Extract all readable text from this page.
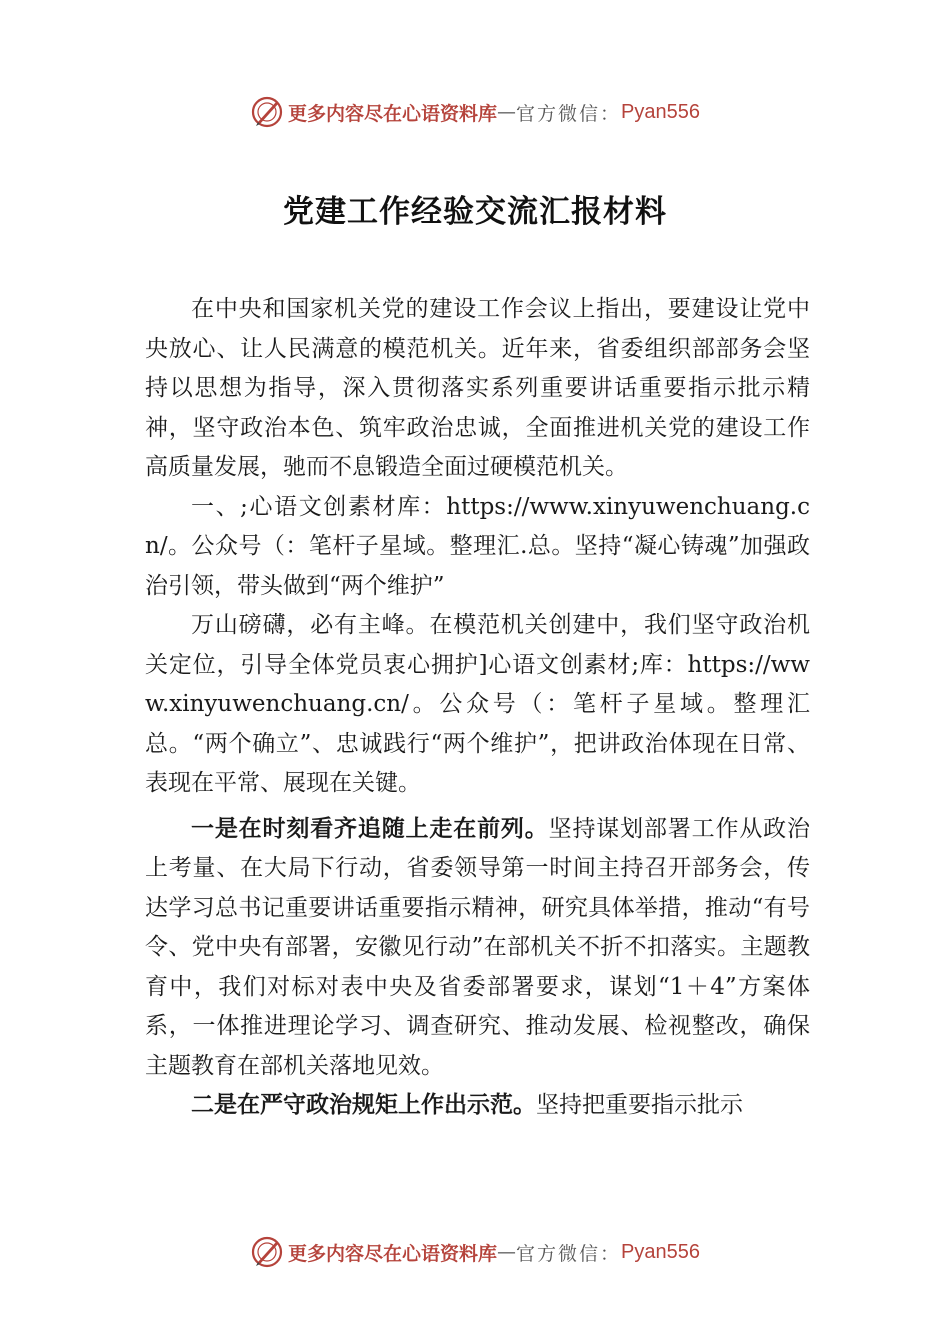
更多内容尽在心语资料库 — 官方微信： Pyan556
党建工作经验交流汇报材料

在中央和国家机关党的建设工作会议上指出，要建设让党中央放心、让人民满意的模范机关。近年来，省委组织部部务会坚持以思想为指导，深入贯彻落实系列重要讲话重要指示批示精神，坚守政治本色、筑牢政治忠诚，全面推进机关党的建设工作高质量发展，驰而不息锻造全面过硬模范机关。

一、;心语文创素材库：https://www.xinyuwenchuang.cn/。公众号（：笔杆子星域。整理汇.总。坚持“凝心铸魂”加强政治引领，带头做到“两个维护”

万山磅礴，必有主峰。在模范机关创建中，我们坚守政治机关定位，引导全体党员衷心拥护]心语文创素材;库：https://www.xinyuwenchuang.cn/。公众号（：笔杆子星域。整理汇总。“两个确立”、忠诚践行“两个维护”，把讲政治体现在日常、表现在平常、展现在关键。

一是在时刻看齐追随上走在前列。坚持谋划部署工作从政治上考量、在大局下行动，省委领导第一时间主持召开部务会，传达学习总书记重要讲话重要指示精神，研究具体举措，推动“有号令、党中央有部署，安徽见行动”在部机关不折不扣落实。主题教育中，我们对标对表中央及省委部署要求，谋划“1＋4”方案体系，一体推进理论学习、调查研究、推动发展、检视整改，确保主题教育在部机关落地见效。

二是在严守政治规矩上作出示范。坚持把重要指示批示

更多内容尽在心语资料库 — 官方微信： Pyan556
